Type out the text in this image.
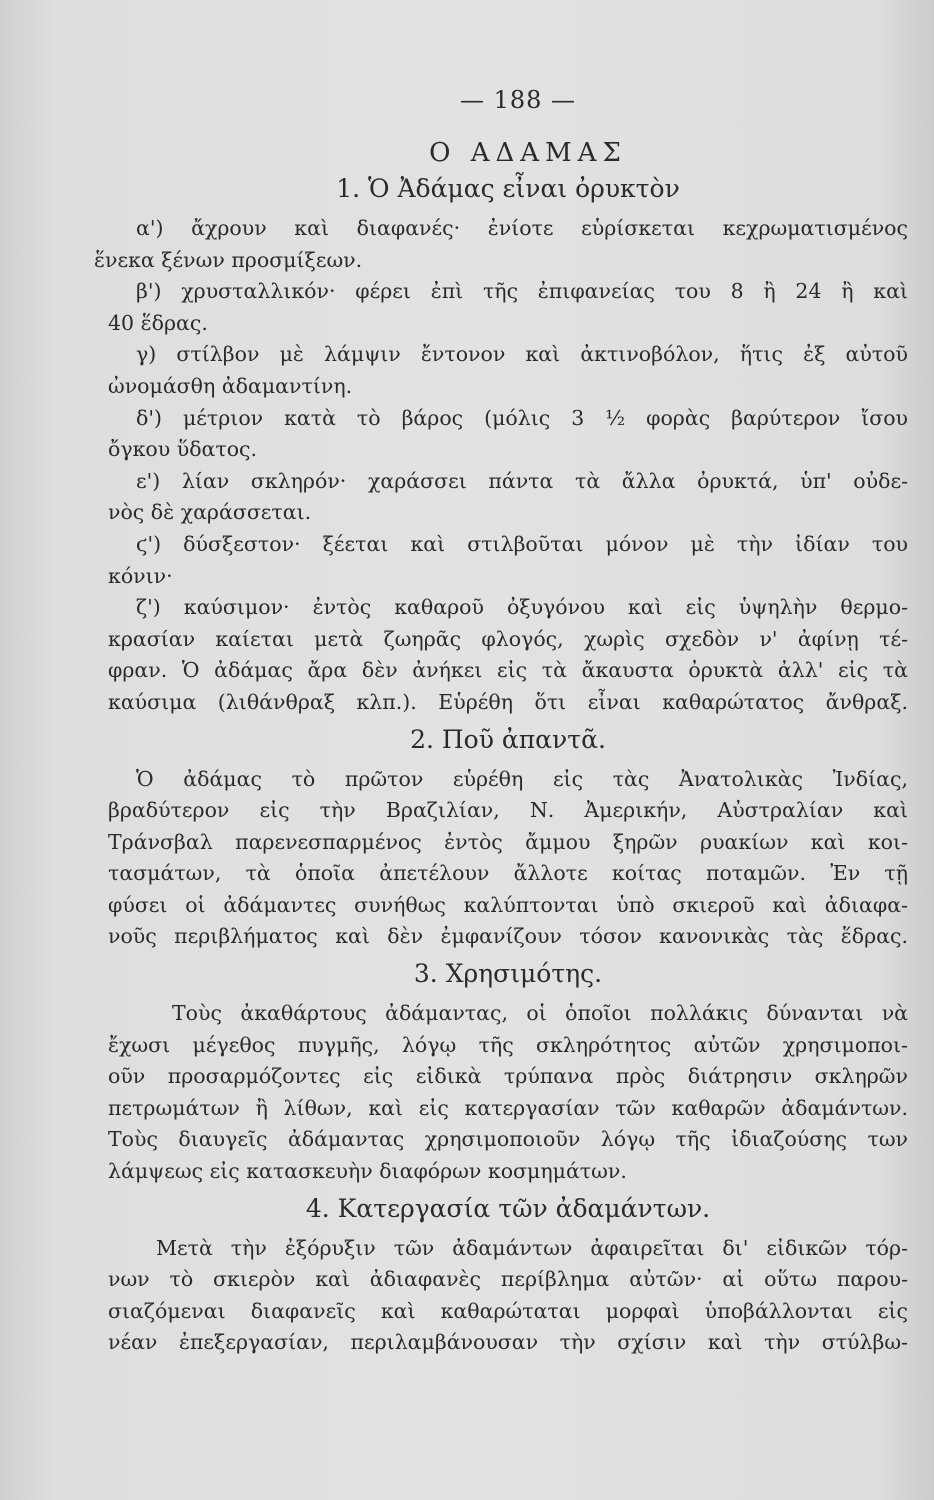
— 188 —
Ο ΑΔΑΜΑΣ
1. Ὁ Ἀδάμας εἶναι ὀρυκτὸν
α') ἄχρουν καὶ διαφανές· ἐνίοτε εὑρίσκεται κεχρωματισμένος
ἕνεκα ξένων προσμίξεων.
β') χρυσταλλικόν· φέρει ἐπὶ τῆς ἐπιφανείας του 8 ἢ 24 ἢ καὶ
40 ἕδρας.
γ) στίλβον μὲ λάμψιν ἔντονον καὶ ἀκτινοβόλον, ἥτις ἐξ αὐτοῦ
ὠνομάσθη ἀδαμαντίνη.
δ') μέτριον κατὰ τὸ βάρος (μόλις 3 ½ φορὰς βαρύτερον ἴσου
ὄγκου ὕδατος.
ε') λίαν σκληρόν· χαράσσει πάντα τὰ ἄλλα ὀρυκτά, ὑπ' οὐδε-
νὸς δὲ χαράσσεται.
ϛ') δύσξεστον· ξέεται καὶ στιλβοῦται μόνον μὲ τὴν ἰδίαν του
κόνιν·
ζ') καύσιμον· ἐντὸς καθαροῦ ὀξυγόνου καὶ εἰς ὑψηλὴν θερμο-
κρασίαν καίεται μετὰ ζωηρᾶς φλογός, χωρὶς σχεδὸν ν' ἀφίνῃ τέ-
φραν. Ὁ ἀδάμας ἄρα δὲν ἀνήκει εἰς τὰ ἄκαυστα ὀρυκτὰ ἀλλ' εἰς τὰ
καύσιμα (λιθάνθραξ κλπ.). Εὑρέθη ὅτι εἶναι καθαρώτατος ἄνθραξ.
2. Ποῦ ἀπαντᾶ.
Ὁ ἀδάμας τὸ πρῶτον εὑρέθη εἰς τὰς Ἀνατολικὰς Ἰνδίας,
βραδύτερον εἰς τὴν Βραζιλίαν, Ν. Ἀμερικήν, Αὐστραλίαν καὶ
Τράνσβαλ παρενεσπαρμένος ἐντὸς ἄμμου ξηρῶν ρυακίων καὶ κοι-
τασμάτων, τὰ ὁποῖα ἀπετέλουν ἄλλοτε κοίτας ποταμῶν. Ἐν τῇ
φύσει οἱ ἀδάμαντες συνήθως καλύπτονται ὑπὸ σκιεροῦ καὶ ἀδιαφα-
νοῦς περιβλήματος καὶ δὲν ἐμφανίζουν τόσον κανονικὰς τὰς ἕδρας.
3. Χρησιμότης.
Τοὺς ἀκαθάρτους ἀδάμαντας, οἱ ὁποῖοι πολλάκις δύνανται νὰ
ἔχωσι μέγεθος πυγμῆς, λόγῳ τῆς σκληρότητος αὐτῶν χρησιμοποι-
οῦν προσαρμόζοντες εἰς εἰδικὰ τρύπανα πρὸς διάτρησιν σκληρῶν
πετρωμάτων ἢ λίθων, καὶ εἰς κατεργασίαν τῶν καθαρῶν ἀδαμάντων.
Τοὺς διαυγεῖς ἀδάμαντας χρησιμοποιοῦν λόγῳ τῆς ἰδιαζούσης των
λάμψεως εἰς κατασκευὴν διαφόρων κοσμημάτων.
4. Κατεργασία τῶν ἀδαμάντων.
Μετὰ τὴν ἐξόρυξιν τῶν ἀδαμάντων ἀφαιρεῖται δι' εἰδικῶν τόρ-
νων τὸ σκιερὸν καὶ ἀδιαφανὲς περίβλημα αὐτῶν· αἱ οὕτω παρου-
σιαζόμεναι διαφανεῖς καὶ καθαρώταται μορφαὶ ὑποβάλλονται εἰς
νέαν ἐπεξεργασίαν, περιλαμβάνουσαν τὴν σχίσιν καὶ τὴν στύλβω-
